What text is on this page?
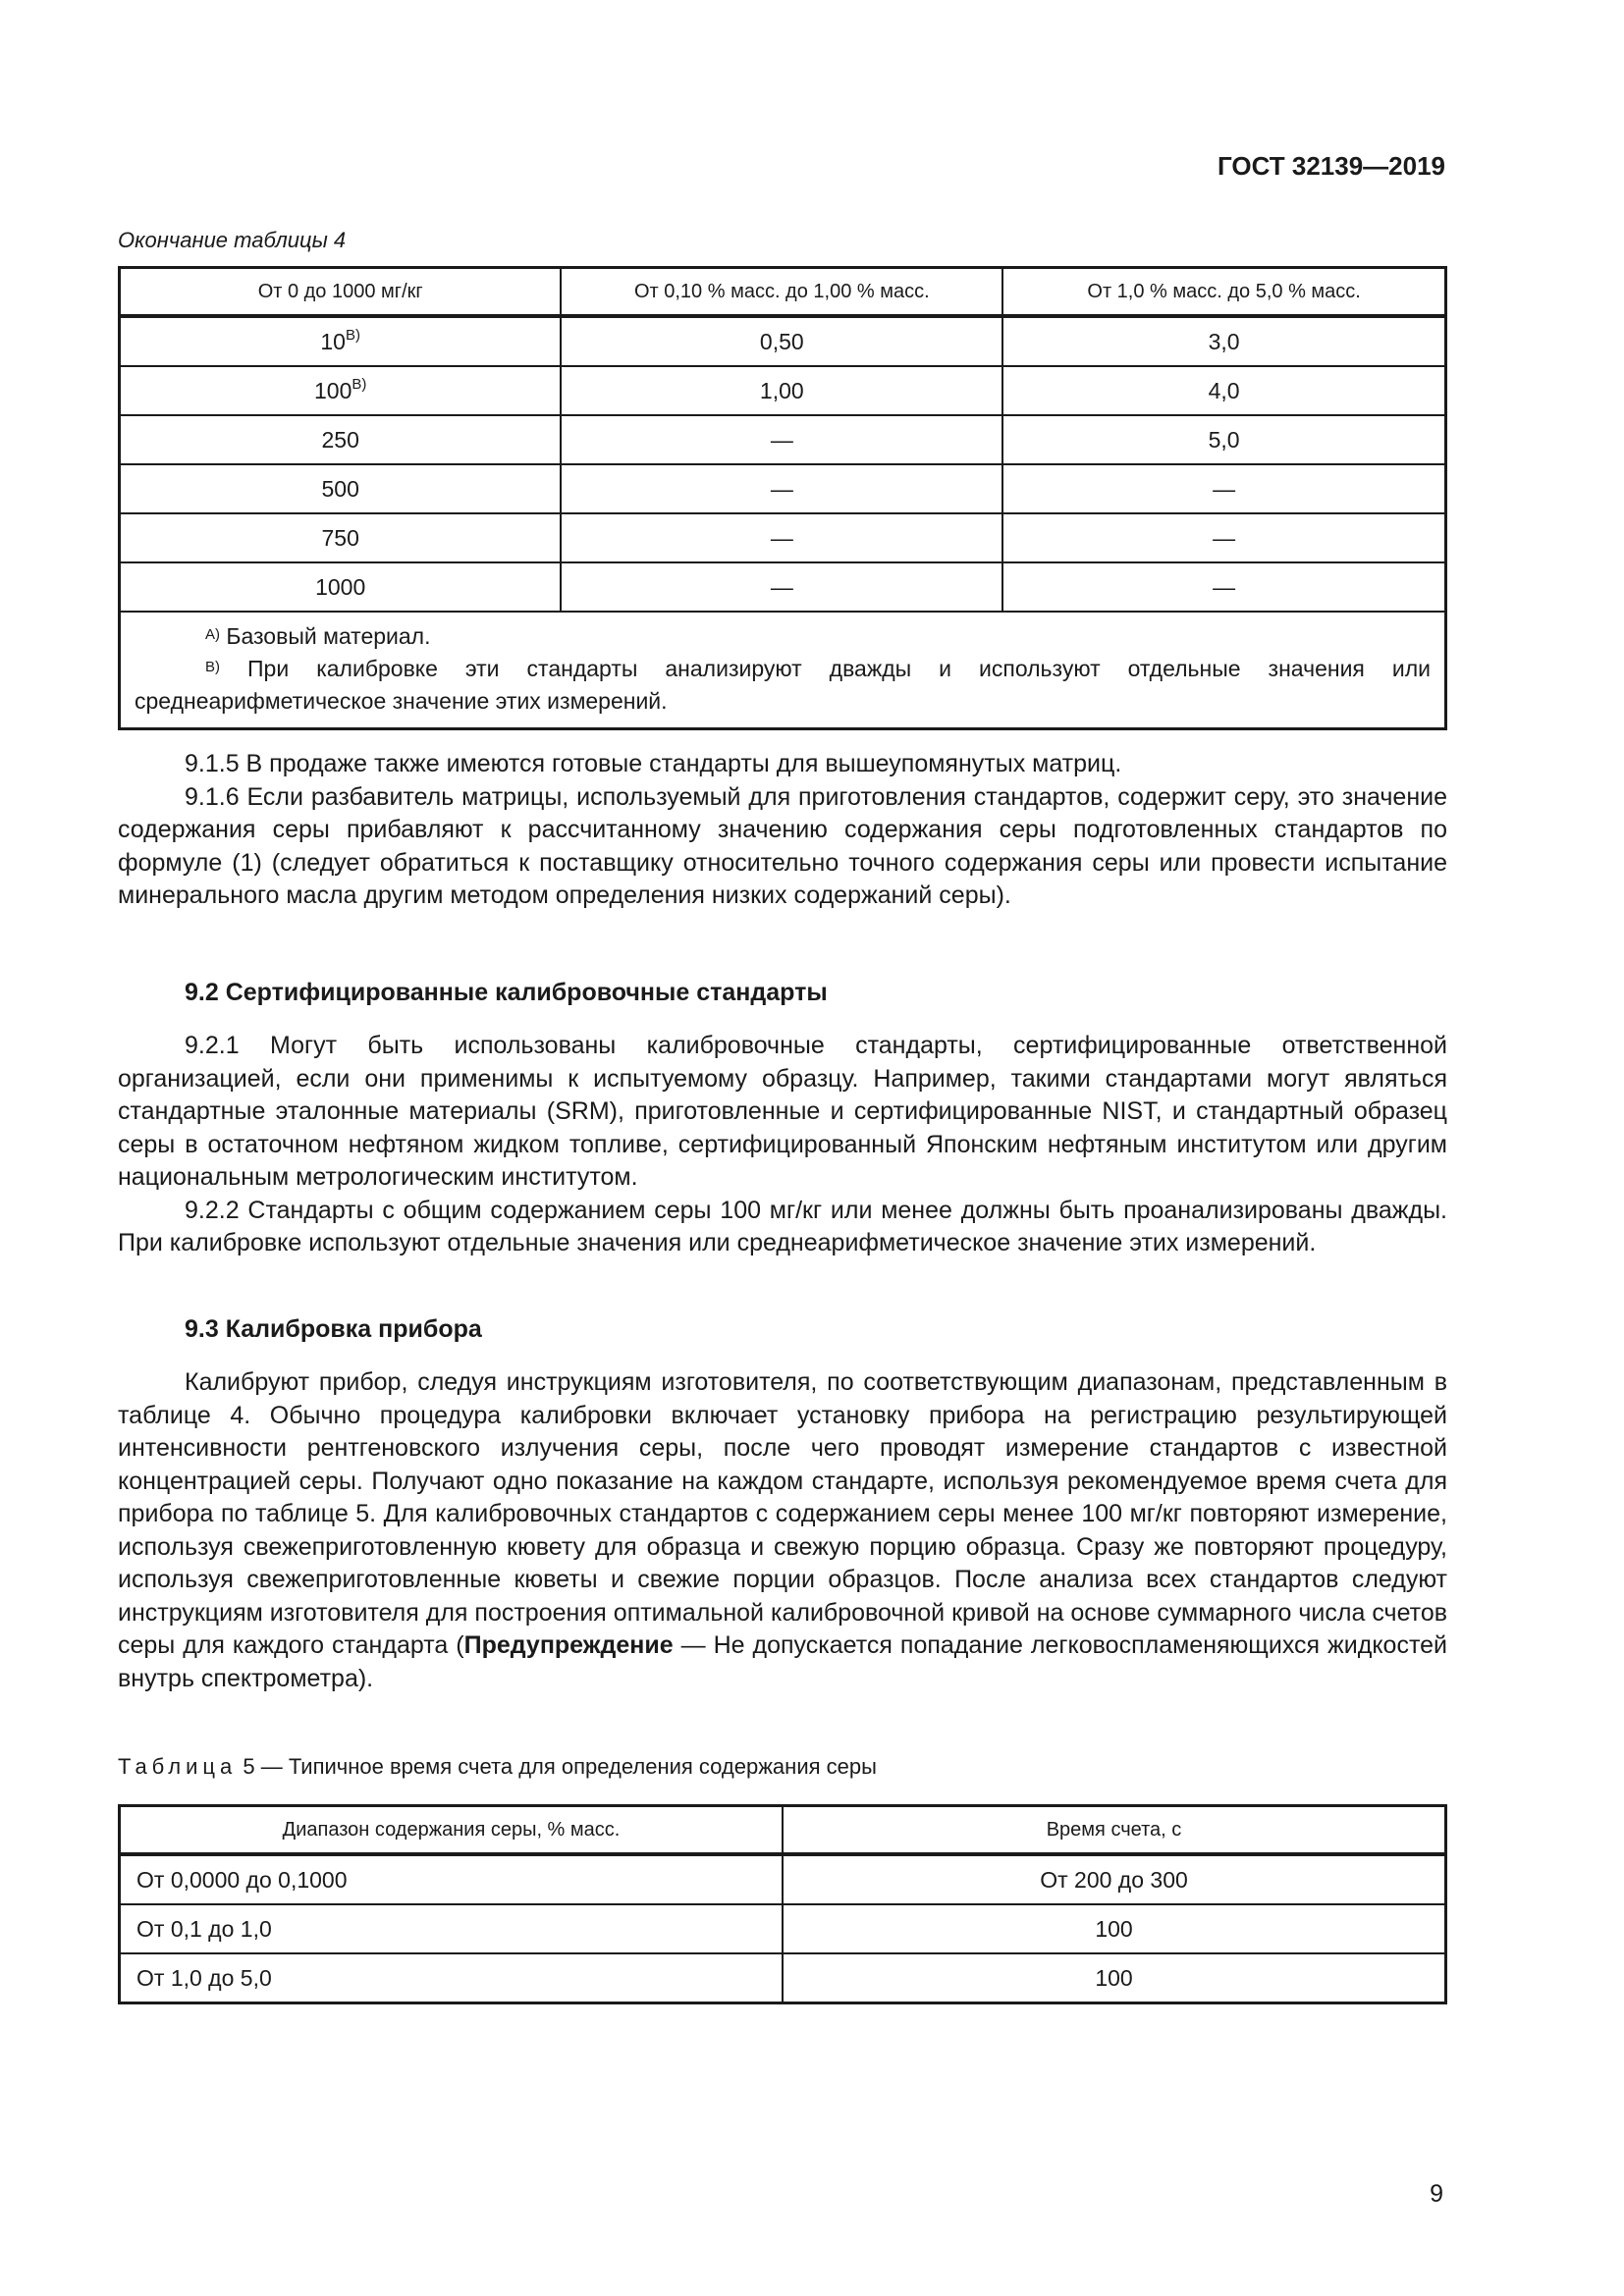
ГОСТ 32139—2019
Окончание таблицы 4
От 0 до 1000 мг/кг	От 0,10 % масс. до 1,00 % масс.	От 1,0 % масс. до 5,0 % масс.
$10^{В)}$	0,50	3,0
$100^{В)}$	1,00	4,0
250	—	5,0
500	—	—
750	—	—
1000	—	—

$^{А)}$ Базовый материал.
$^{В)}$ При калибровке эти стандарты анализируют дважды и используют отдельные значения или среднеарифметическое значение этих измерений.		

9.1.5 В продаже также имеются готовые стандарты для вышеупомянутых матриц.

9.1.6 Если разбавитель матрицы, используемый для приготовления стандартов, содержит серу, это значение содержания серы прибавляют к рассчитанному значению содержания серы подготовленных стандартов по формуле (1) (следует обратиться к поставщику относительно точного содержания серы или провести испытание минерального масла другим методом определения низких содержаний серы).

9.2 Сертифицированные калибровочные стандарты

9.2.1 Могут быть использованы калибровочные стандарты, сертифицированные ответственной организацией, если они применимы к испытуемому образцу. Например, такими стандартами могут являться стандартные эталонные материалы (SRM), приготовленные и сертифицированные NIST, и стандартный образец серы в остаточном нефтяном жидком топливе, сертифицированный Японским нефтяным институтом или другим национальным метрологическим институтом.

9.2.2 Стандарты с общим содержанием серы 100 мг/кг или менее должны быть проанализированы дважды. При калибровке используют отдельные значения или среднеарифметическое значение этих измерений.

9.3 Калибровка прибора

Калибруют прибор, следуя инструкциям изготовителя, по соответствующим диапазонам, представленным в таблице 4. Обычно процедура калибровки включает установку прибора на регистрацию результирующей интенсивности рентгеновского излучения серы, после чего проводят измерение стандартов с известной концентрацией серы. Получают одно показание на каждом стандарте, используя рекомендуемое время счета для прибора по таблице 5. Для калибровочных стандартов с содержанием серы менее 100 мг/кг повторяют измерение, используя свежеприготовленную кювету для образца и свежую порцию образца. Сразу же повторяют процедуру, используя свежеприготовленные кюветы и свежие порции образцов. После анализа всех стандартов следуют инструкциям изготовителя для построения оптимальной калибровочной кривой на основе суммарного числа счетов серы для каждого стандарта (Предупреждение — Не допускается попадание легковоспламеняющихся жидкостей внутрь спектрометра).

Таблица 5 — Типичное время счета для определения содержания серы
Диапазон содержания серы, % масс.	Время счета, с
От 0,0000 до 0,1000	От 200 до 300
От 0,1 до 1,0	100
От 1,0 до 5,0	100
9
